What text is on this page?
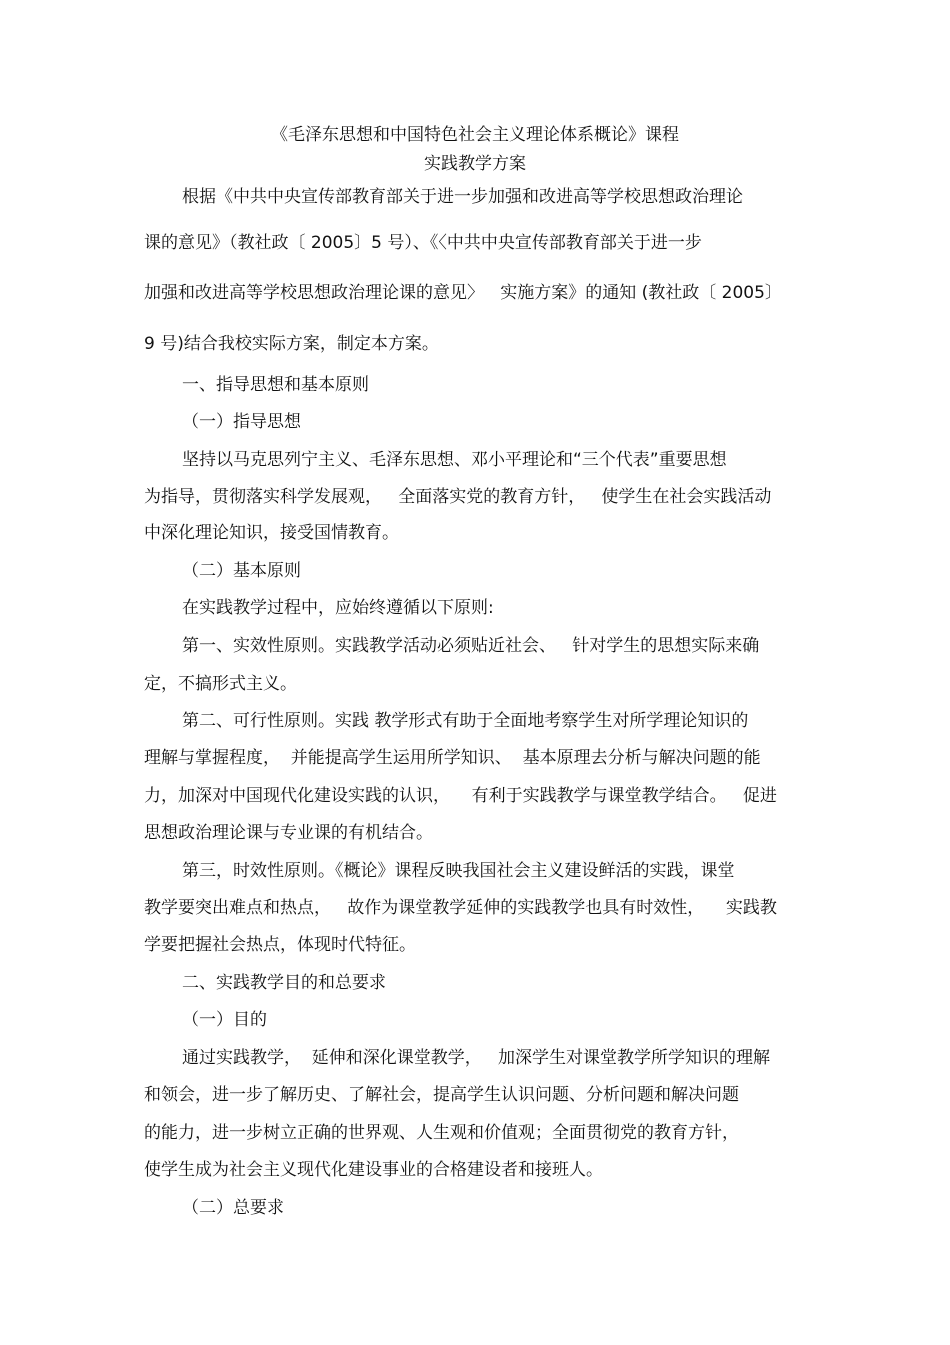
《毛泽东思想和中国特色社会主义理论体系概论》课程

实践教学方案

根据《中共中央宣传部教育部关于进一步加强和改进高等学校思想政治理论

课的意见》（教社政〔 2005〕5 号）、《〈中共中央宣传部教育部关于进一步

加强和改进高等学校思想政治理论课的意见〉   实施方案》的通知 (教社政〔 2005〕

9 号)结合我校实际方案，制定本方案。

一、指导思想和基本原则

（一）指导思想

坚持以马克思列宁主义、毛泽东思想、邓小平理论和“三个代表”重要思想

为指导，贯彻落实科学发展观，   全面落实党的教育方针，   使学生在社会实践活动

中深化理论知识，接受国情教育。

（二）基本原则

在实践教学过程中，应始终遵循以下原则:

第一、实效性原则。实践教学活动必须贴近社会、   针对学生的思想实际来确

定，不搞形式主义。

第二、可行性原则。实践 教学形式有助于全面地考察学生对所学理论知识的

理解与掌握程度，  并能提高学生运用所学知识、  基本原理去分析与解决问题的能

力，加深对中国现代化建设实践的认识，    有利于实践教学与课堂教学结合。   促进

思想政治理论课与专业课的有机结合。

第三，时效性原则。《概论》课程反映我国社会主义建设鲜活的实践，课堂

教学要突出难点和热点，   故作为课堂教学延伸的实践教学也具有时效性，    实践教

学要把握社会热点，体现时代特征。

二、实践教学目的和总要求

（一）目的

通过实践教学，  延伸和深化课堂教学，   加深学生对课堂教学所学知识的理解

和领会，进一步了解历史、了解社会，提高学生认识问题、分析问题和解决问题

的能力，进一步树立正确的世界观、人生观和价值观；全面贯彻党的教育方针，

使学生成为社会主义现代化建设事业的合格建设者和接班人。

（二）总要求
